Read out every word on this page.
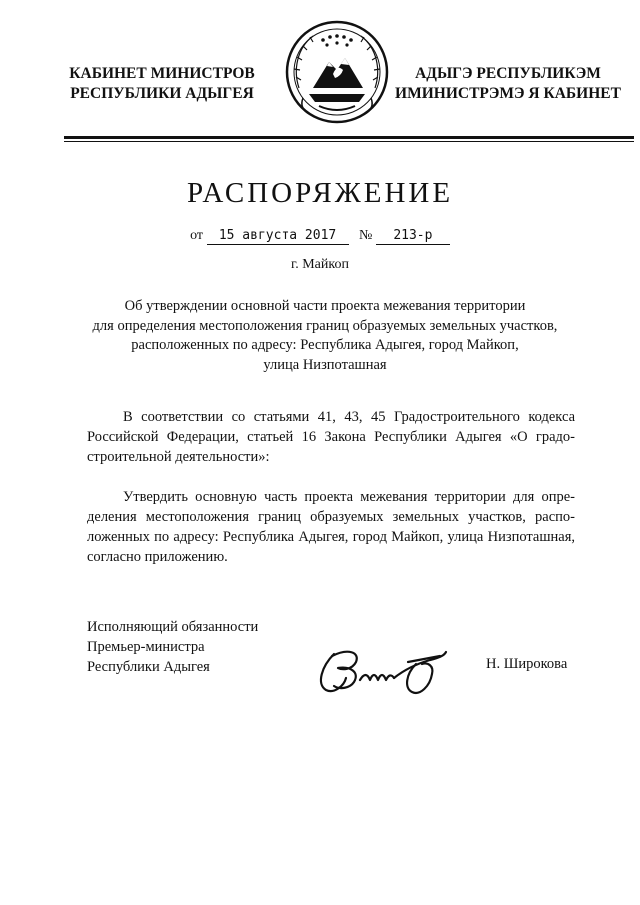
КАБИНЕТ МИНИСТРОВ
РЕСПУБЛИКИ АДЫГЕЯ
АДЫГЭ РЕСПУБЛИКЭМ
ИМИНИСТРЭМЭ Я КАБИНЕТ
РАСПОРЯЖЕНИЕ
от 15 августа 2017 № 213-р
г. Майкоп
Об утверждении основной части проекта межевания территории
для определения местоположения границ образуемых земельных участков,
расположенных по адресу: Республика Адыгея, город Майкоп,
улица Низпоташная
В соответствии со статьями 41, 43, 45 Градостроительного кодекса Российской Федерации, статьей 16 Закона Республики Адыгея «О градостроительной деятельности»:
Утвердить основную часть проекта межевания территории для определения местоположения границ образуемых земельных участков, расположенных по адресу: Республика Адыгея, город Майкоп, улица Низпоташная, согласно приложению.
Исполняющий обязанности
Премьер-министра
Республики Адыгея	Н. Широкова
